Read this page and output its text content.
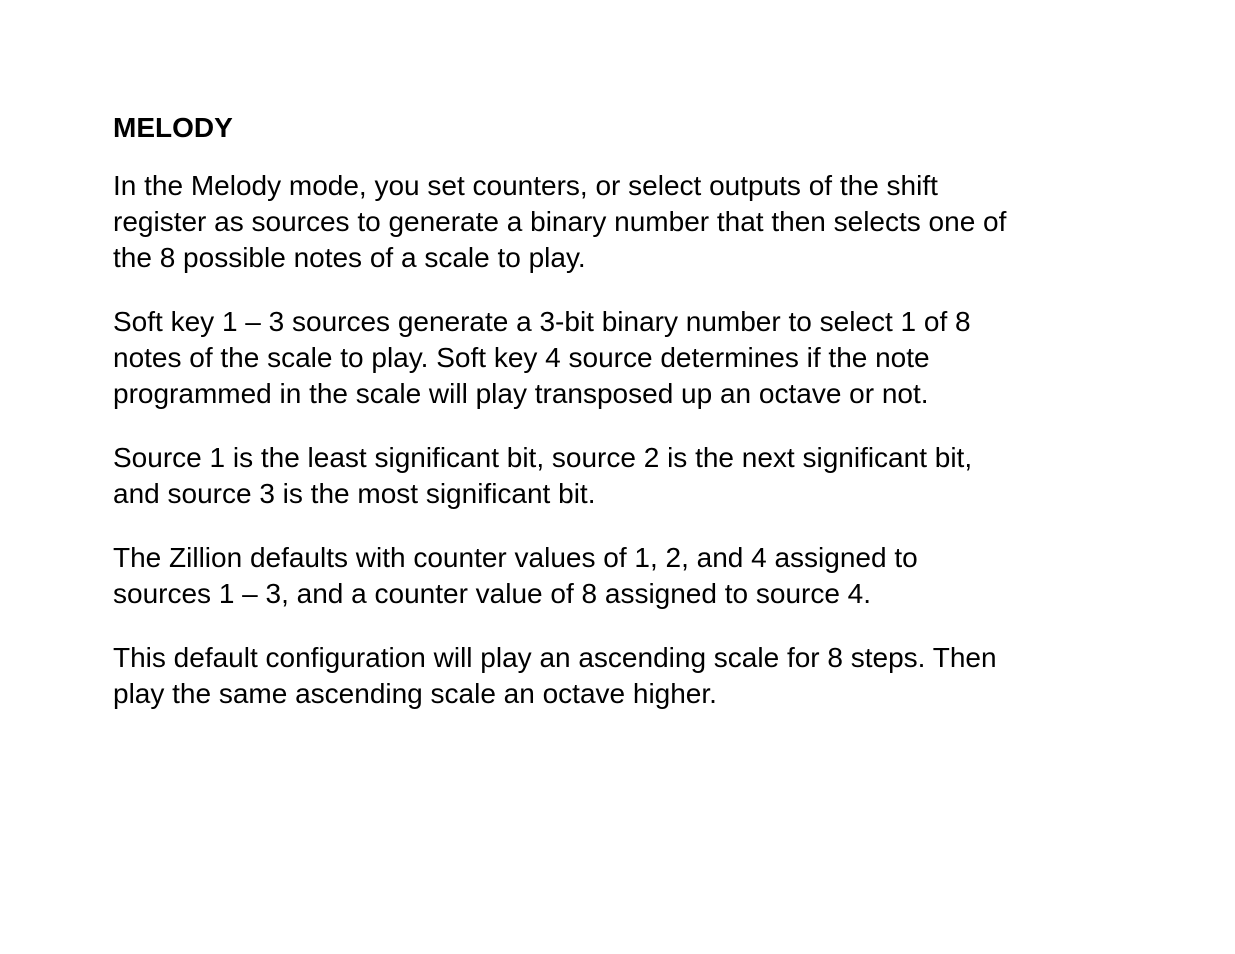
MELODY
In the Melody mode, you set counters, or select outputs of the shift
register as sources to generate a binary number that then selects one of
the 8 possible notes of a scale to play.
Soft key 1 – 3 sources generate a 3-bit binary number to select 1 of 8
notes of the scale to play. Soft key 4 source determines if the note
programmed in the scale will play transposed up an octave or not.
Source 1 is the least significant bit, source 2 is the next significant bit,
and source 3 is the most significant bit.
The Zillion defaults with counter values of 1, 2, and 4 assigned to
sources 1 – 3, and a counter value of 8 assigned to source 4.
This default configuration will play an ascending scale for 8 steps. Then
play the same ascending scale an octave higher.
